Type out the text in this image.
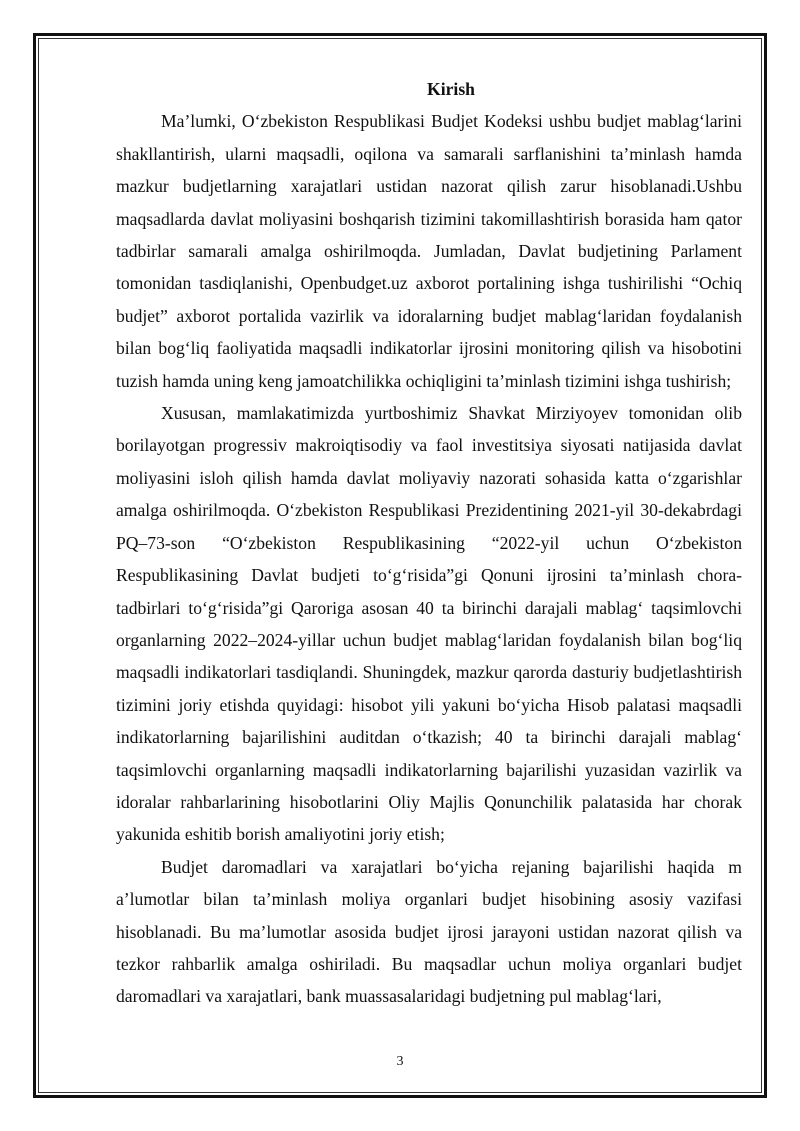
Kirish

Ma’lumki, O‘zbekiston Respublikasi Budjet Kodeksi ushbu budjet mablag‘larini shakllantirish, ularni maqsadli, oqilona va samarali sarflanishini ta’minlash hamda mazkur budjetlarning xarajatlari ustidan nazorat qilish zarur hisoblanadi.Ushbu maqsadlarda davlat moliyasini boshqarish tizimini takomillashtirish borasida ham qator tadbirlar samarali amalga oshirilmoqda. Jumladan, Davlat budjetining Parlament tomonidan tasdiqlanishi, Openbudget.uz axborot portalining ishga tushirilishi “Ochiq budjet” axborot portalida vazirlik va idoralarning budjet mablag‘laridan foydalanish bilan bog‘liq faoliyatida maqsadli indikatorlar ijrosini monitoring qilish va hisobotini tuzish hamda uning keng jamoatchilikka ochiqligini ta’minlash tizimini ishga tushirish;

Xususan, mamlakatimizda yurtboshimiz Shavkat Mirziyoyev tomonidan olib borilayotgan progressiv makroiqtisodiy va faol investitsiya siyosati natijasida davlat moliyasini isloh qilish hamda davlat moliyaviy nazorati sohasida katta o‘zgarishlar amalga oshirilmoqda. O‘zbekiston Respublikasi Prezidentining 2021-yil 30-dekabrdagi PQ–73-son “O‘zbekiston Respublikasining “2022-yil uchun O‘zbekiston Respublikasining Davlat budjeti to‘g‘risida”gi Qonuni ijrosini ta’minlash chora-tadbirlari to‘g‘risida”gi Qaroriga asosan 40 ta birinchi darajali mablag‘ taqsimlovchi organlarning 2022–2024-yillar uchun budjet mablag‘laridan foydalanish bilan bog‘liq maqsadli indikatorlari tasdiqlandi. Shuningdek, mazkur qarorda dasturiy budjetlashtirish tizimini joriy etishda quyidagi: hisobot yili yakuni bo‘yicha Hisob palatasi maqsadli indikatorlarning bajarilishini auditdan o‘tkazish; 40 ta birinchi darajali mablag‘ taqsimlovchi organlarning maqsadli indikatorlarning bajarilishi yuzasidan vazirlik va idoralar rahbarlarining hisobotlarini Oliy Majlis Qonunchilik palatasida har chorak yakunida eshitib borish amaliyotini joriy etish;

Budjet daromadlari va xarajatlari bo‘yicha rejaning bajarilishi haqida m a’lumotlar bilan ta’minlash moliya organlari budjet hisobining asosiy vazifasi hisoblanadi. Bu ma’lumotlar asosida budjet ijrosi jarayoni ustidan nazorat qilish va tezkor rahbarlik amalga oshiriladi. Bu maqsadlar uchun moliya organlari budjet daromadlari va xarajatlari, bank muassasalaridagi budjetning pul mablag‘lari,

3
